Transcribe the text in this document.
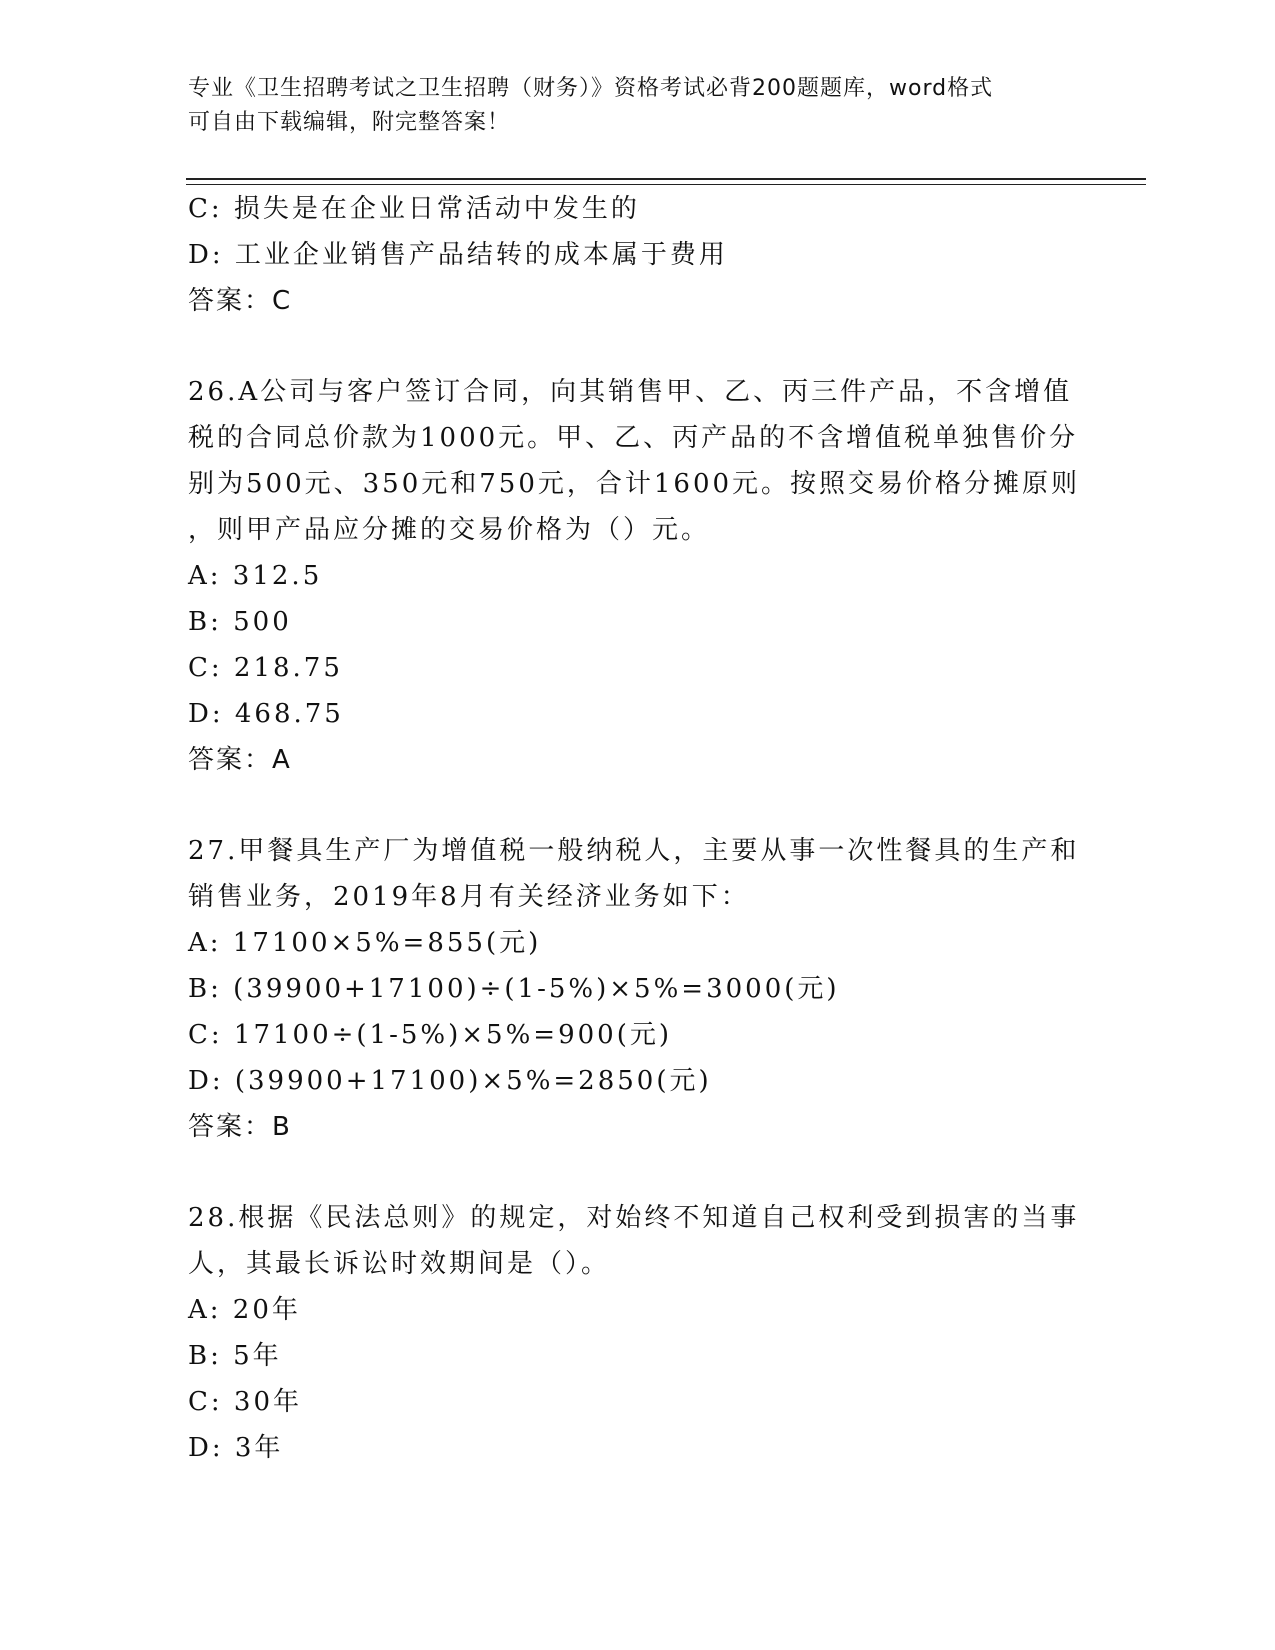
专业《卫生招聘考试之卫生招聘（财务）》资格考试必背200题题库，word格式
可自由下载编辑，附完整答案！
C: 损失是在企业日常活动中发生的
D: 工业企业销售产品结转的成本属于费用
答案：C
26.A公司与客户签订合同，向其销售甲、乙、丙三件产品，不含增值
税的合同总价款为1000元。甲、乙、丙产品的不含增值税单独售价分
别为500元、350元和750元，合计1600元。按照交易价格分摊原则
，则甲产品应分摊的交易价格为（）元。
A: 312.5
B: 500
C: 218.75
D: 468.75
答案：A
27.甲餐具生产厂为增值税一般纳税人，主要从事一次性餐具的生产和
销售业务，2019年8月有关经济业务如下：
A: 17100×5%=855(元)
B: (39900+17100)÷(1-5%)×5%=3000(元)
C: 17100÷(1-5%)×5%=900(元)
D: (39900+17100)×5%=2850(元)
答案：B
28.根据《民法总则》的规定，对始终不知道自己权利受到损害的当事
人，其最长诉讼时效期间是（）。
A: 20年
B: 5年
C: 30年
D: 3年
